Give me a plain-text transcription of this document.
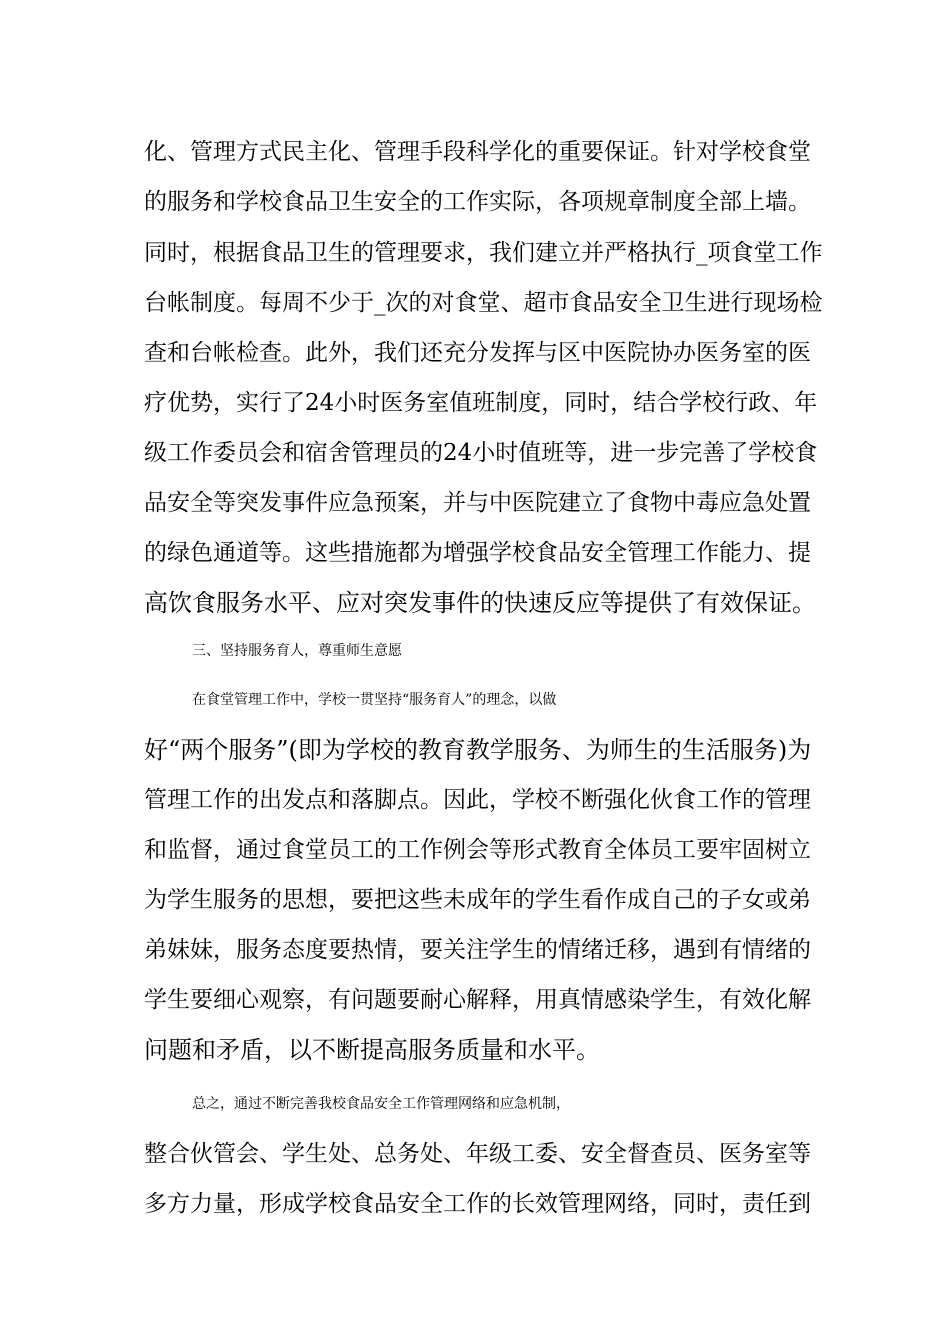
化、管理方式民主化、管理手段科学化的重要保证。针对学校食堂
的服务和学校食品卫生安全的工作实际，各项规章制度全部上墙。
同时，根据食品卫生的管理要求，我们建立并严格执行_项食堂工作
台帐制度。每周不少于_次的对食堂、超市食品安全卫生进行现场检
查和台帐检查。此外，我们还充分发挥与区中医院协办医务室的医
疗优势，实行了24小时医务室值班制度，同时，结合学校行政、年
级工作委员会和宿舍管理员的24小时值班等，进一步完善了学校食
品安全等突发事件应急预案，并与中医院建立了食物中毒应急处置
的绿色通道等。这些措施都为增强学校食品安全管理工作能力、提
高饮食服务水平、应对突发事件的快速反应等提供了有效保证。
三、坚持服务育人，尊重师生意愿
在食堂管理工作中，学校一贯坚持“服务育人”的理念，以做
好“两个服务”(即为学校的教育教学服务、为师生的生活服务)为
管理工作的出发点和落脚点。因此，学校不断强化伙食工作的管理
和监督，通过食堂员工的工作例会等形式教育全体员工要牢固树立
为学生服务的思想，要把这些未成年的学生看作成自己的子女或弟
弟妹妹，服务态度要热情，要关注学生的情绪迁移，遇到有情绪的
学生要细心观察，有问题要耐心解释，用真情感染学生，有效化解
问题和矛盾，以不断提高服务质量和水平。
总之，通过不断完善我校食品安全工作管理网络和应急机制，
整合伙管会、学生处、总务处、年级工委、安全督查员、医务室等
多方力量，形成学校食品安全工作的长效管理网络，同时，责任到
